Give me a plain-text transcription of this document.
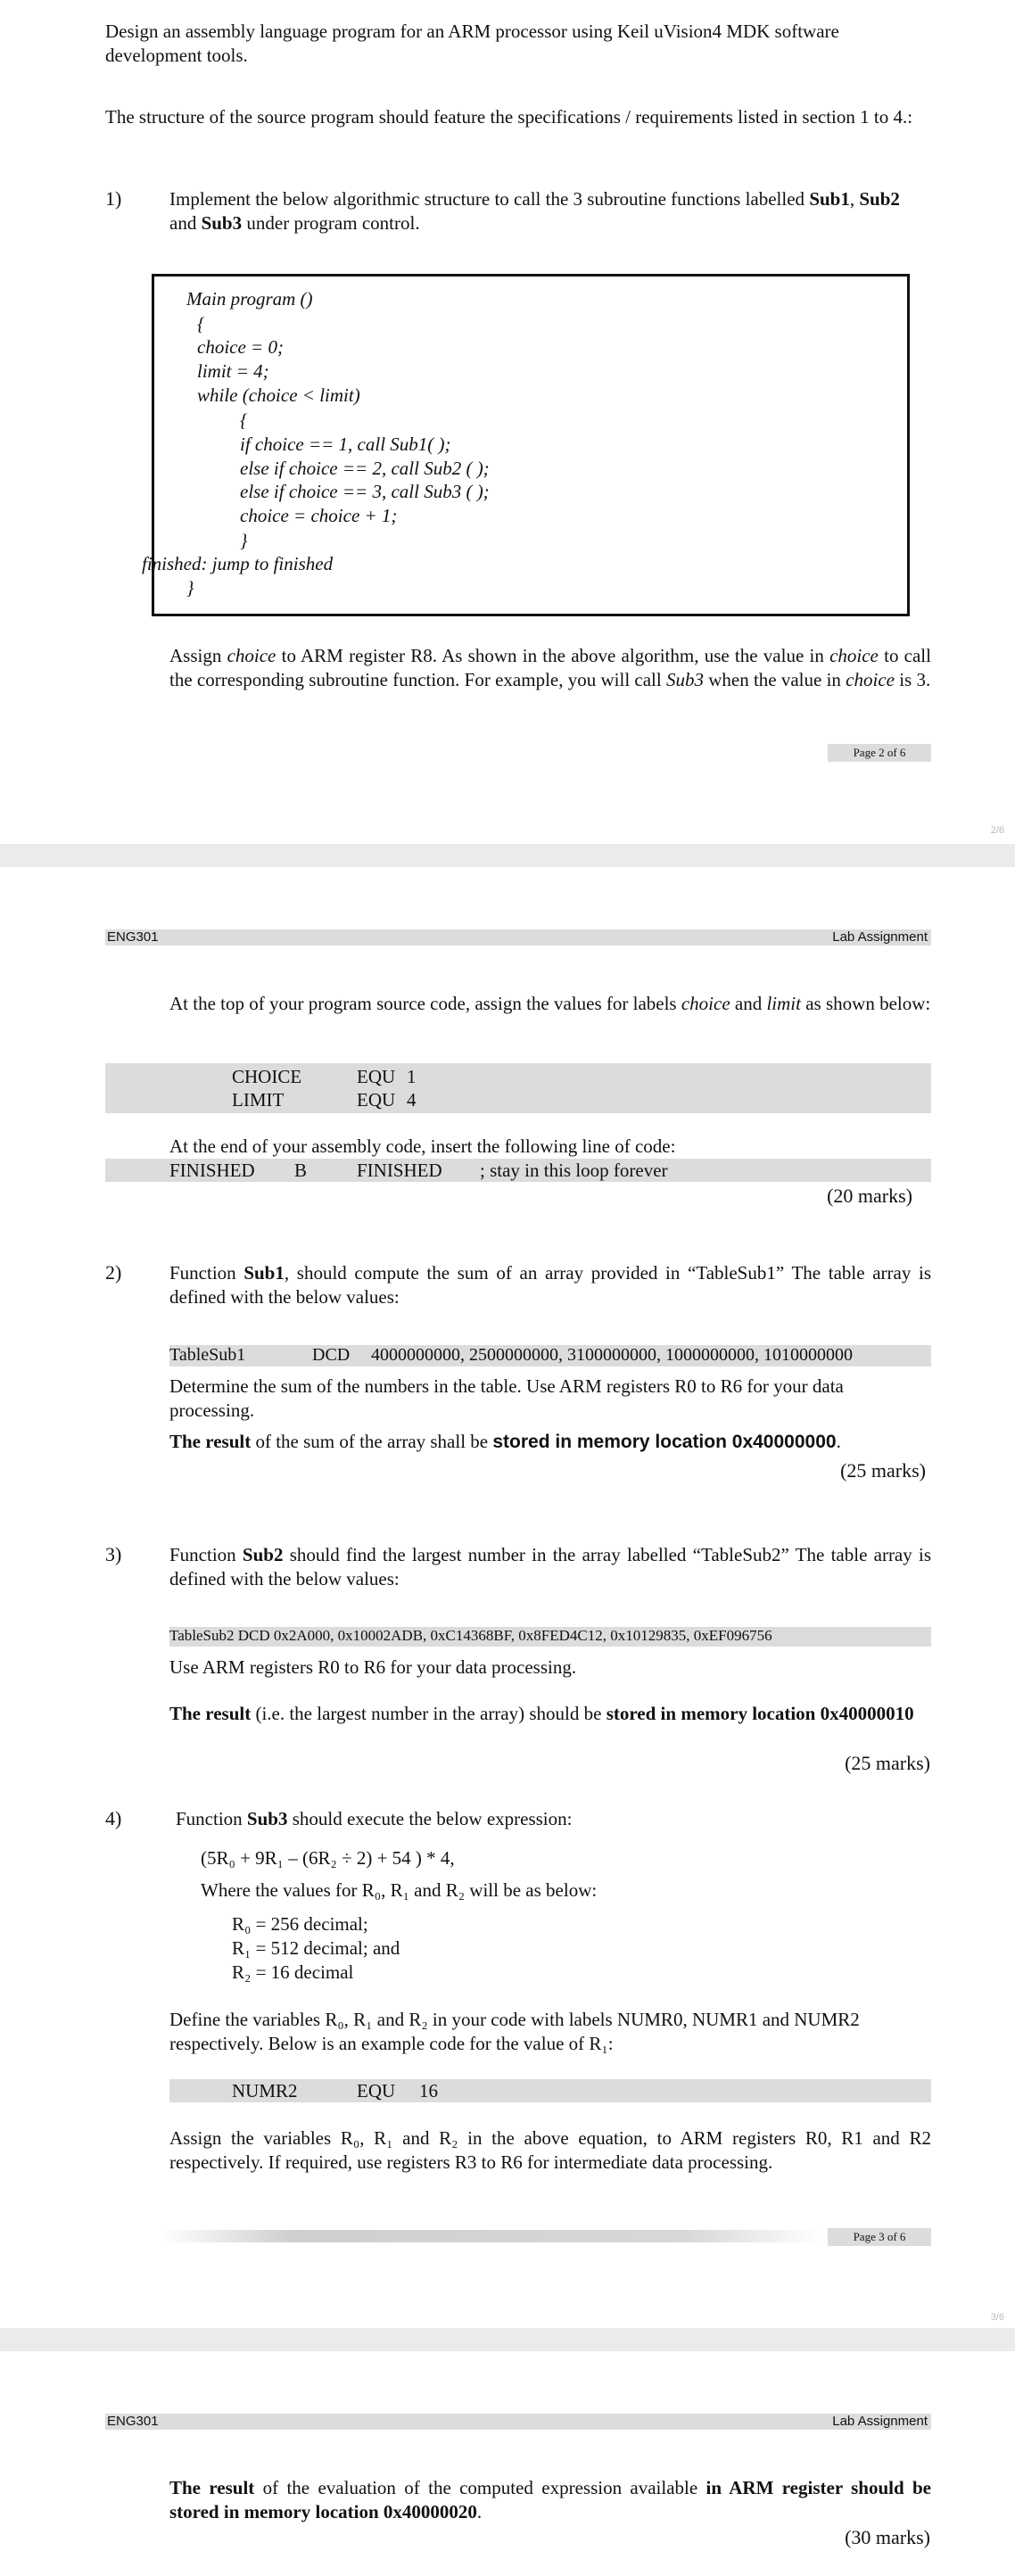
Design an assembly language program for an ARM processor using Keil uVision4 MDK software development tools.
The structure of the source program should feature the specifications / requirements listed in section 1 to 4.:
1)	Implement the below algorithmic structure to call the 3 subroutine functions labelled Sub1, Sub2 and Sub3 under program control.
Main program ()
{
choice = 0;
limit = 4;
while (choice < limit)
{
if choice == 1, call Sub1( );
else if choice == 2, call Sub2 ( );
else if choice == 3, call Sub3 ( );
choice = choice + 1;
}
finished: jump to finished
}
Assign choice to ARM register R8. As shown in the above algorithm, use the value in choice to call the corresponding subroutine function. For example, you will call Sub3 when the value in choice is 3.
Page 2 of 6
2/6
ENG301	Lab Assignment
At the top of your program source code, assign the values for labels choice and limit as shown below:
CHOICE	EQU 1
LIMIT	EQU 4
At the end of your assembly code, insert the following line of code:
FINISHED B	FINISHED ; stay in this loop forever
(20 marks)
2)	Function Sub1, should compute the sum of an array provided in “TableSub1” The table array is defined with the below values:
TableSub1	DCD 4000000000, 2500000000, 3100000000, 1000000000, 1010000000
Determine the sum of the numbers in the table. Use ARM registers R0 to R6 for your data processing.
The result of the sum of the array shall be stored in memory location 0x40000000.
(25 marks)
3)	Function Sub2 should find the largest number in the array labelled “TableSub2” The table array is defined with the below values:
TableSub2 DCD 0x2A000, 0x10002ADB, 0xC14368BF, 0x8FED4C12, 0x10129835, 0xEF096756
Use ARM registers R0 to R6 for your data processing.
The result (i.e. the largest number in the array) should be stored in memory location 0x40000010
(25 marks)
4)	Function Sub3 should execute the below expression:
(5R₀ + 9R₁ – (6R₂ ÷ 2) + 54 ) * 4,
Where the values for R₀, R₁ and R₂ will be as below:
R₀ = 256 decimal;
R₁ = 512 decimal; and
R₂ = 16 decimal
Define the variables R₀, R₁ and R₂ in your code with labels NUMR0, NUMR1 and NUMR2 respectively. Below is an example code for the value of R₁:
NUMR2	EQU 16
Assign the variables R₀, R₁ and R₂ in the above equation, to ARM registers R0, R1 and R2 respectively. If required, use registers R3 to R6 for intermediate data processing.
Page 3 of 6
3/6
ENG301	Lab Assignment
The result of the evaluation of the computed expression available in ARM register should be stored in memory location 0x40000020.
(30 marks)
